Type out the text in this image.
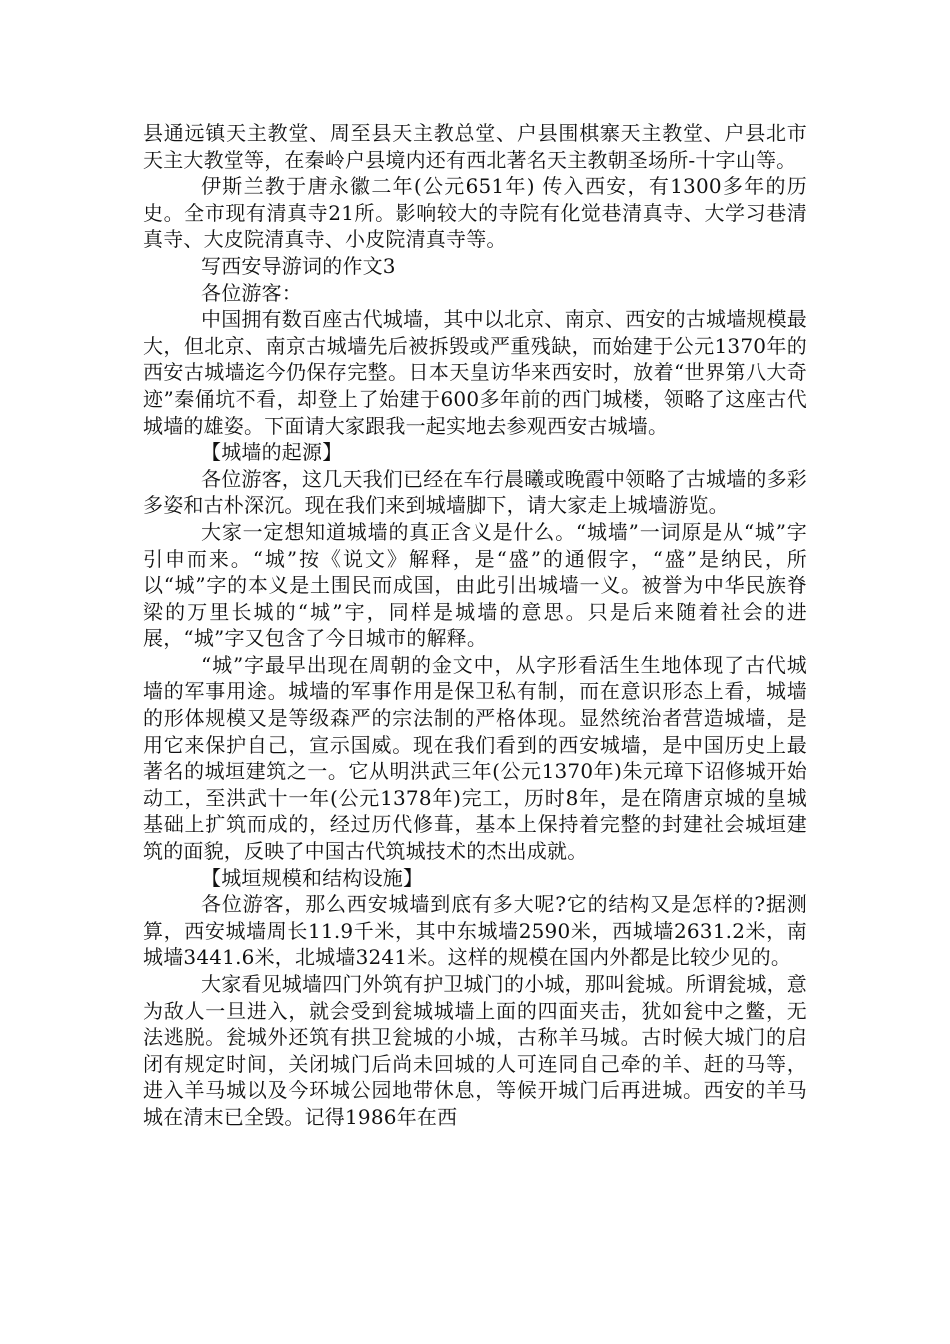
县通远镇天主教堂、周至县天主教总堂、户县围棋寨天主教堂、户县北市天主大教堂等，在秦岭户县境内还有西北著名天主教朝圣场所-十字山等。

伊斯兰教于唐永徽二年(公元651年) 传入西安，有1300多年的历史。全市现有清真寺21所。影响较大的寺院有化觉巷清真寺、大学习巷清真寺、大皮院清真寺、小皮院清真寺等。

写西安导游词的作文3

各位游客：

中国拥有数百座古代城墙，其中以北京、南京、西安的古城墙规模最大，但北京、南京古城墙先后被拆毁或严重残缺，而始建于公元1370年的西安古城墙迄今仍保存完整。日本天皇访华来西安时，放着“世界第八大奇迹”秦俑坑不看，却登上了始建于600多年前的西门城楼，领略了这座古代城墙的雄姿。下面请大家跟我一起实地去参观西安古城墙。

【城墙的起源】

各位游客，这几天我们已经在车行晨曦或晚霞中领略了古城墙的多彩多姿和古朴深沉。现在我们来到城墙脚下，请大家走上城墙游览。

大家一定想知道城墙的真正含义是什么。“城墙”一词原是从“城”字引申而来。“城”按《说文》解释，是“盛”的通假字，“盛”是纳民，所以“城”字的本义是土围民而成国，由此引出城墙一义。被誉为中华民族脊梁的万里长城的“城”宇，同样是城墙的意思。只是后来随着社会的进展，“城”字又包含了今日城市的解释。

“城”字最早出现在周朝的金文中，从字形看活生生地体现了古代城墙的军事用途。城墙的军事作用是保卫私有制，而在意识形态上看，城墙的形体规模又是等级森严的宗法制的严格体现。显然统治者营造城墙，是用它来保护自己，宣示国威。现在我们看到的西安城墙，是中国历史上最著名的城垣建筑之一。它从明洪武三年(公元1370年)朱元璋下诏修城开始动工，至洪武十一年(公元1378年)完工，历时8年，是在隋唐京城的皇城基础上扩筑而成的，经过历代修葺，基本上保持着完整的封建社会城垣建筑的面貌，反映了中国古代筑城技术的杰出成就。

【城垣规模和结构设施】

各位游客，那么西安城墙到底有多大呢?它的结构又是怎样的?据测算，西安城墙周长11.9千米，其中东城墙2590米，西城墙2631.2米，南城墙3441.6米，北城墙3241米。这样的规模在国内外都是比较少见的。

大家看见城墙四门外筑有护卫城门的小城，那叫瓮城。所谓瓮城，意为敌人一旦进入，就会受到瓮城城墙上面的四面夹击，犹如瓮中之鳖，无法逃脱。瓮城外还筑有拱卫瓮城的小城，古称羊马城。古时候大城门的启闭有规定时间，关闭城门后尚未回城的人可连同自己牵的羊、赶的马等，进入羊马城以及今环城公园地带休息，等候开城门后再进城。西安的羊马城在清末已全毁。记得1986年在西
